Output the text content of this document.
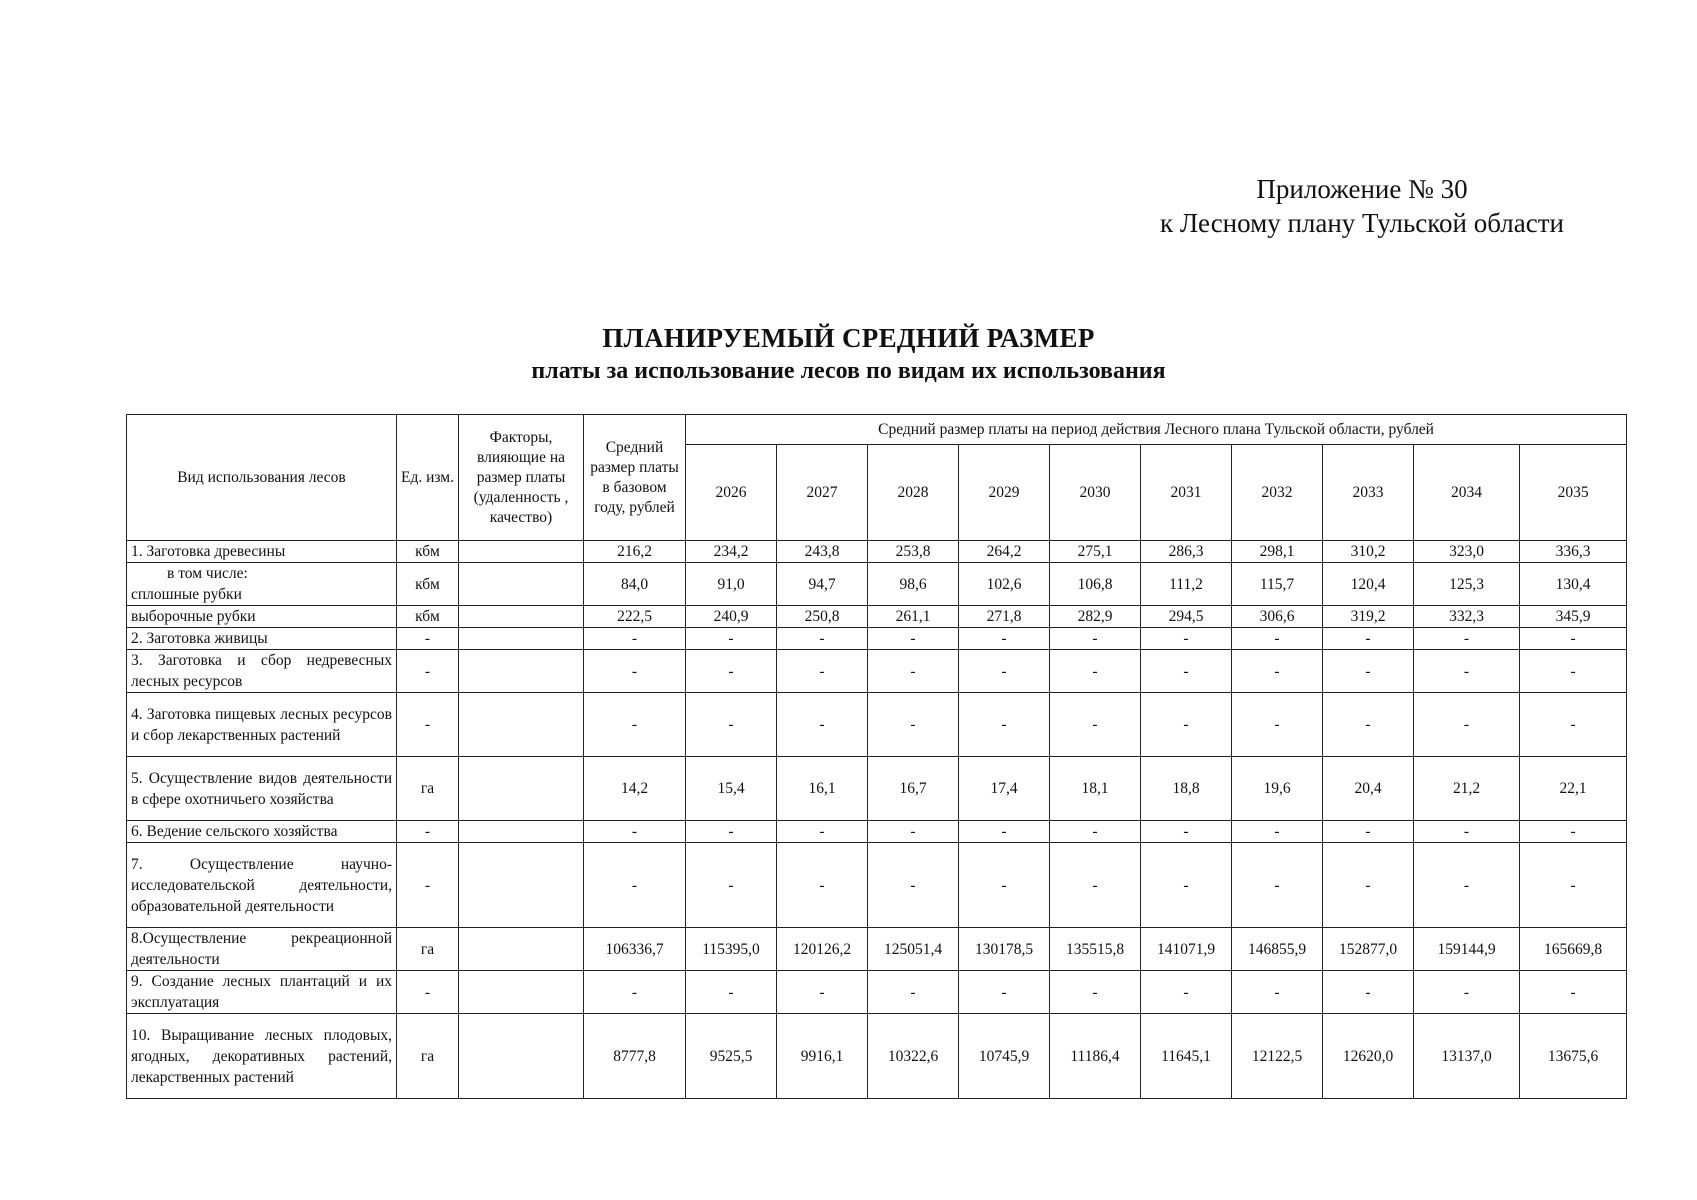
Приложение № 30
к Лесному плану Тульской области
ПЛАНИРУЕМЫЙ СРЕДНИЙ РАЗМЕР
платы за использование лесов по видам их использования
Вид использования лесов	Ед. изм.	Факторы, влияющие на размер платы (удаленность , качество)	Средний размер платы в базовом году, рублей	Средний размер платы на период действия Лесного плана Тульской области, рублей									
				2026	2027	2028	2029	2030	2031	2032	2033	2034	2035
1. Заготовка древесины	кбм		216,2	234,2	243,8	253,8	264,2	275,1	286,3	298,1	310,2	323,0	336,3

в том числе:
сплошные рубки	кбм		84,0	91,0	94,7	98,6	102,6	106,8	111,2	115,7	120,4	125,3	130,4
выборочные рубки	кбм		222,5	240,9	250,8	261,1	271,8	282,9	294,5	306,6	319,2	332,3	345,9
2. Заготовка живицы	-		-	-	-	-	-	-	-	-	-	-	-
3. Заготовка и сбор недревесных лесных ресурсов	-		-	-	-	-	-	-	-	-	-	-	-
4. Заготовка пищевых лесных ресурсов и сбор лекарственных растений	-		-	-	-	-	-	-	-	-	-	-	-
5. Осуществление видов деятельности в сфере охотничьего хозяйства	га		14,2	15,4	16,1	16,7	17,4	18,1	18,8	19,6	20,4	21,2	22,1
6. Ведение сельского хозяйства	-		-	-	-	-	-	-	-	-	-	-	-
7. Осуществление научно-исследовательской деятельности, образовательной деятельности	-		-	-	-	-	-	-	-	-	-	-	-
8.Осуществление рекреационной деятельности	га		106336,7	115395,0	120126,2	125051,4	130178,5	135515,8	141071,9	146855,9	152877,0	159144,9	165669,8
9. Создание лесных плантаций и их эксплуатация	-		-	-	-	-	-	-	-	-	-	-	-
10. Выращивание лесных плодовых, ягодных, декоративных растений, лекарственных растений	га		8777,8	9525,5	9916,1	10322,6	10745,9	11186,4	11645,1	12122,5	12620,0	13137,0	13675,6
